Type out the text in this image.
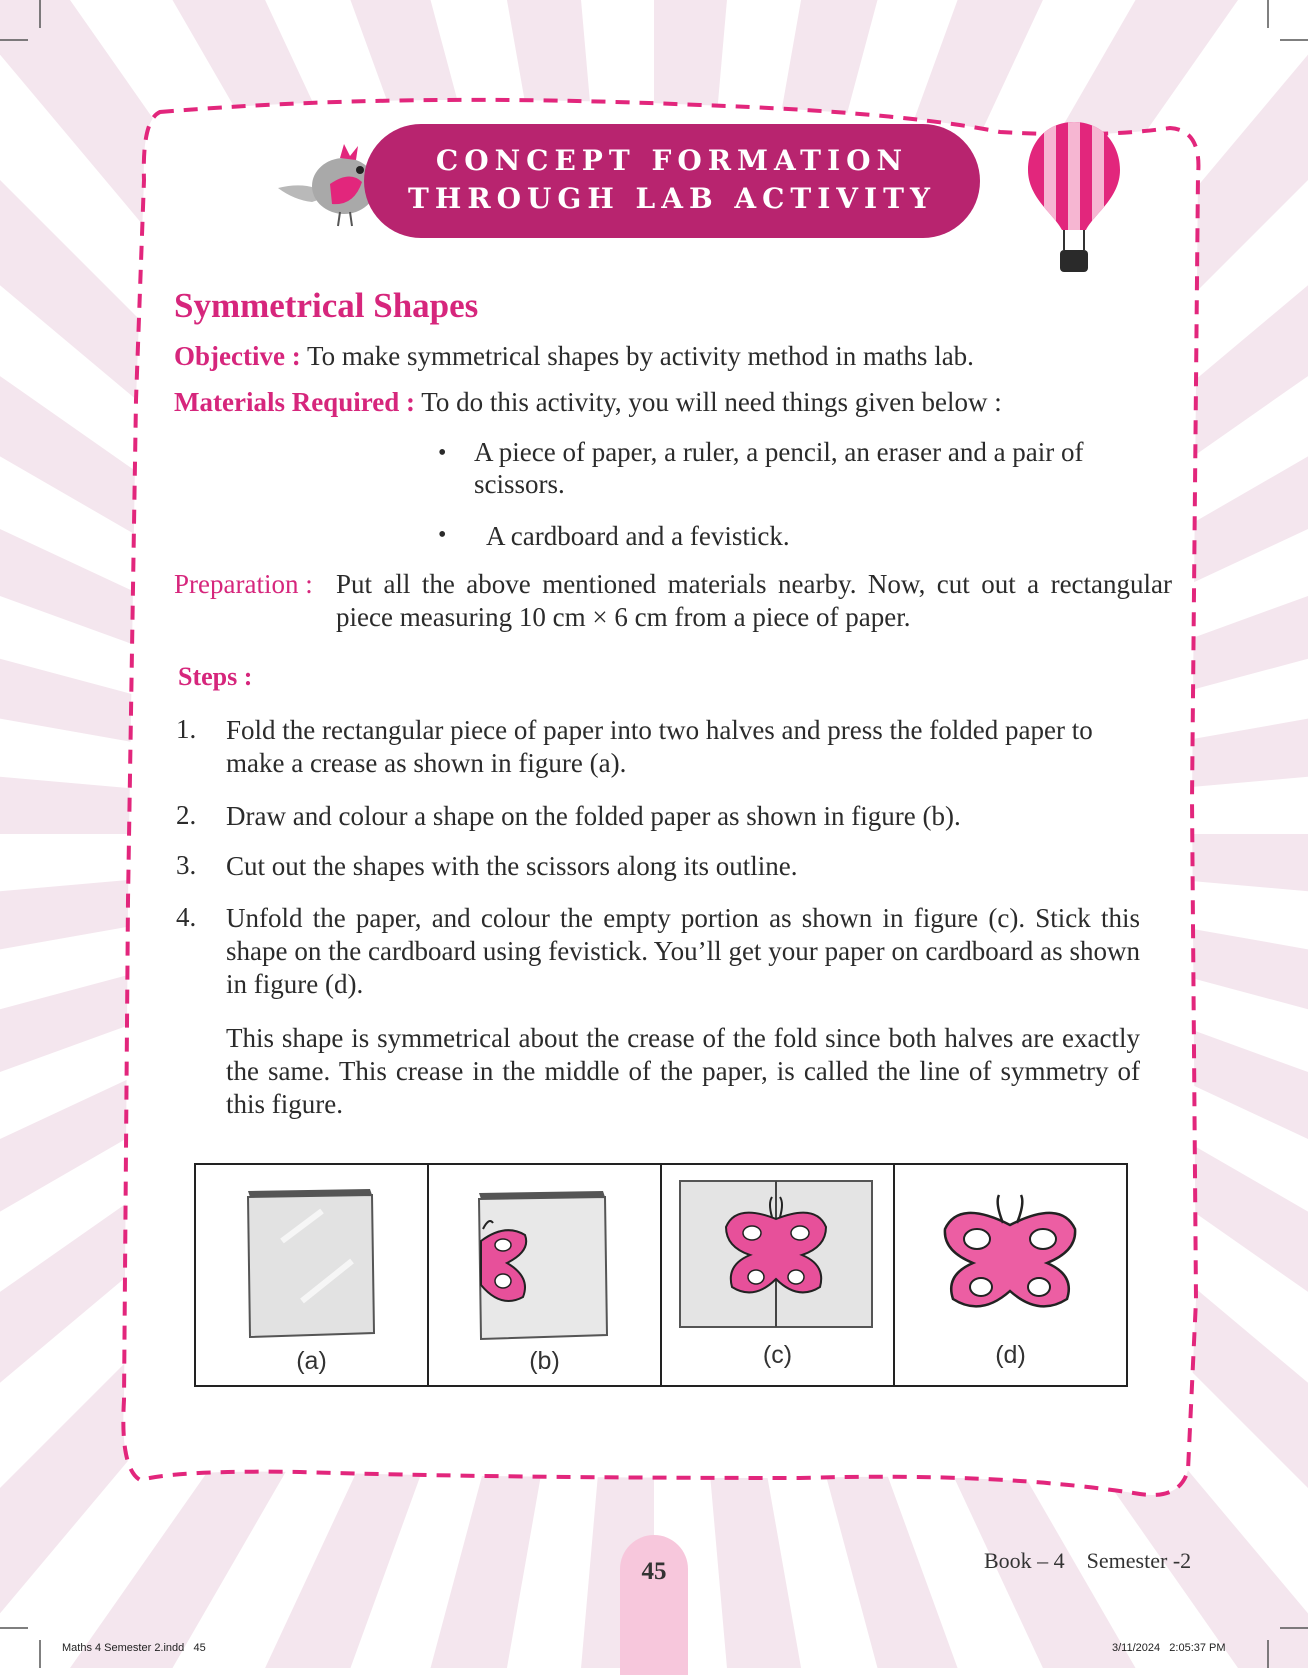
CONCEPT FORMATION
THROUGH LAB ACTIVITY
Symmetrical Shapes
Objective : To make symmetrical shapes by activity method in maths lab.
Materials Required : To do this activity, you will need things given below :
• A piece of paper, a ruler, a pencil, an eraser and a pair of scissors.
• A cardboard and a fevistick.
Preparation : Put all the above mentioned materials nearby. Now, cut out a rectangular piece measuring 10 cm × 6 cm from a piece of paper.
Steps :
1. Fold the rectangular piece of paper into two halves and press the folded paper to make a crease as shown in figure (a).
2. Draw and colour a shape on the folded paper as shown in figure (b).
3. Cut out the shapes with the scissors along its outline.
4. Unfold the paper, and colour the empty portion as shown in figure (c). Stick this shape on the cardboard using fevistick. You’ll get your paper on cardboard as shown in figure (d).
This shape is symmetrical about the crease of the fold since both halves are exactly the same. This crease in the middle of the paper, is called the line of symmetry of this figure.
(a)	(b)	(c)	(d)
45	Book – 4    Semester -2
Maths 4 Semester 2.indd   45	3/11/2024   2:05:37 PM
